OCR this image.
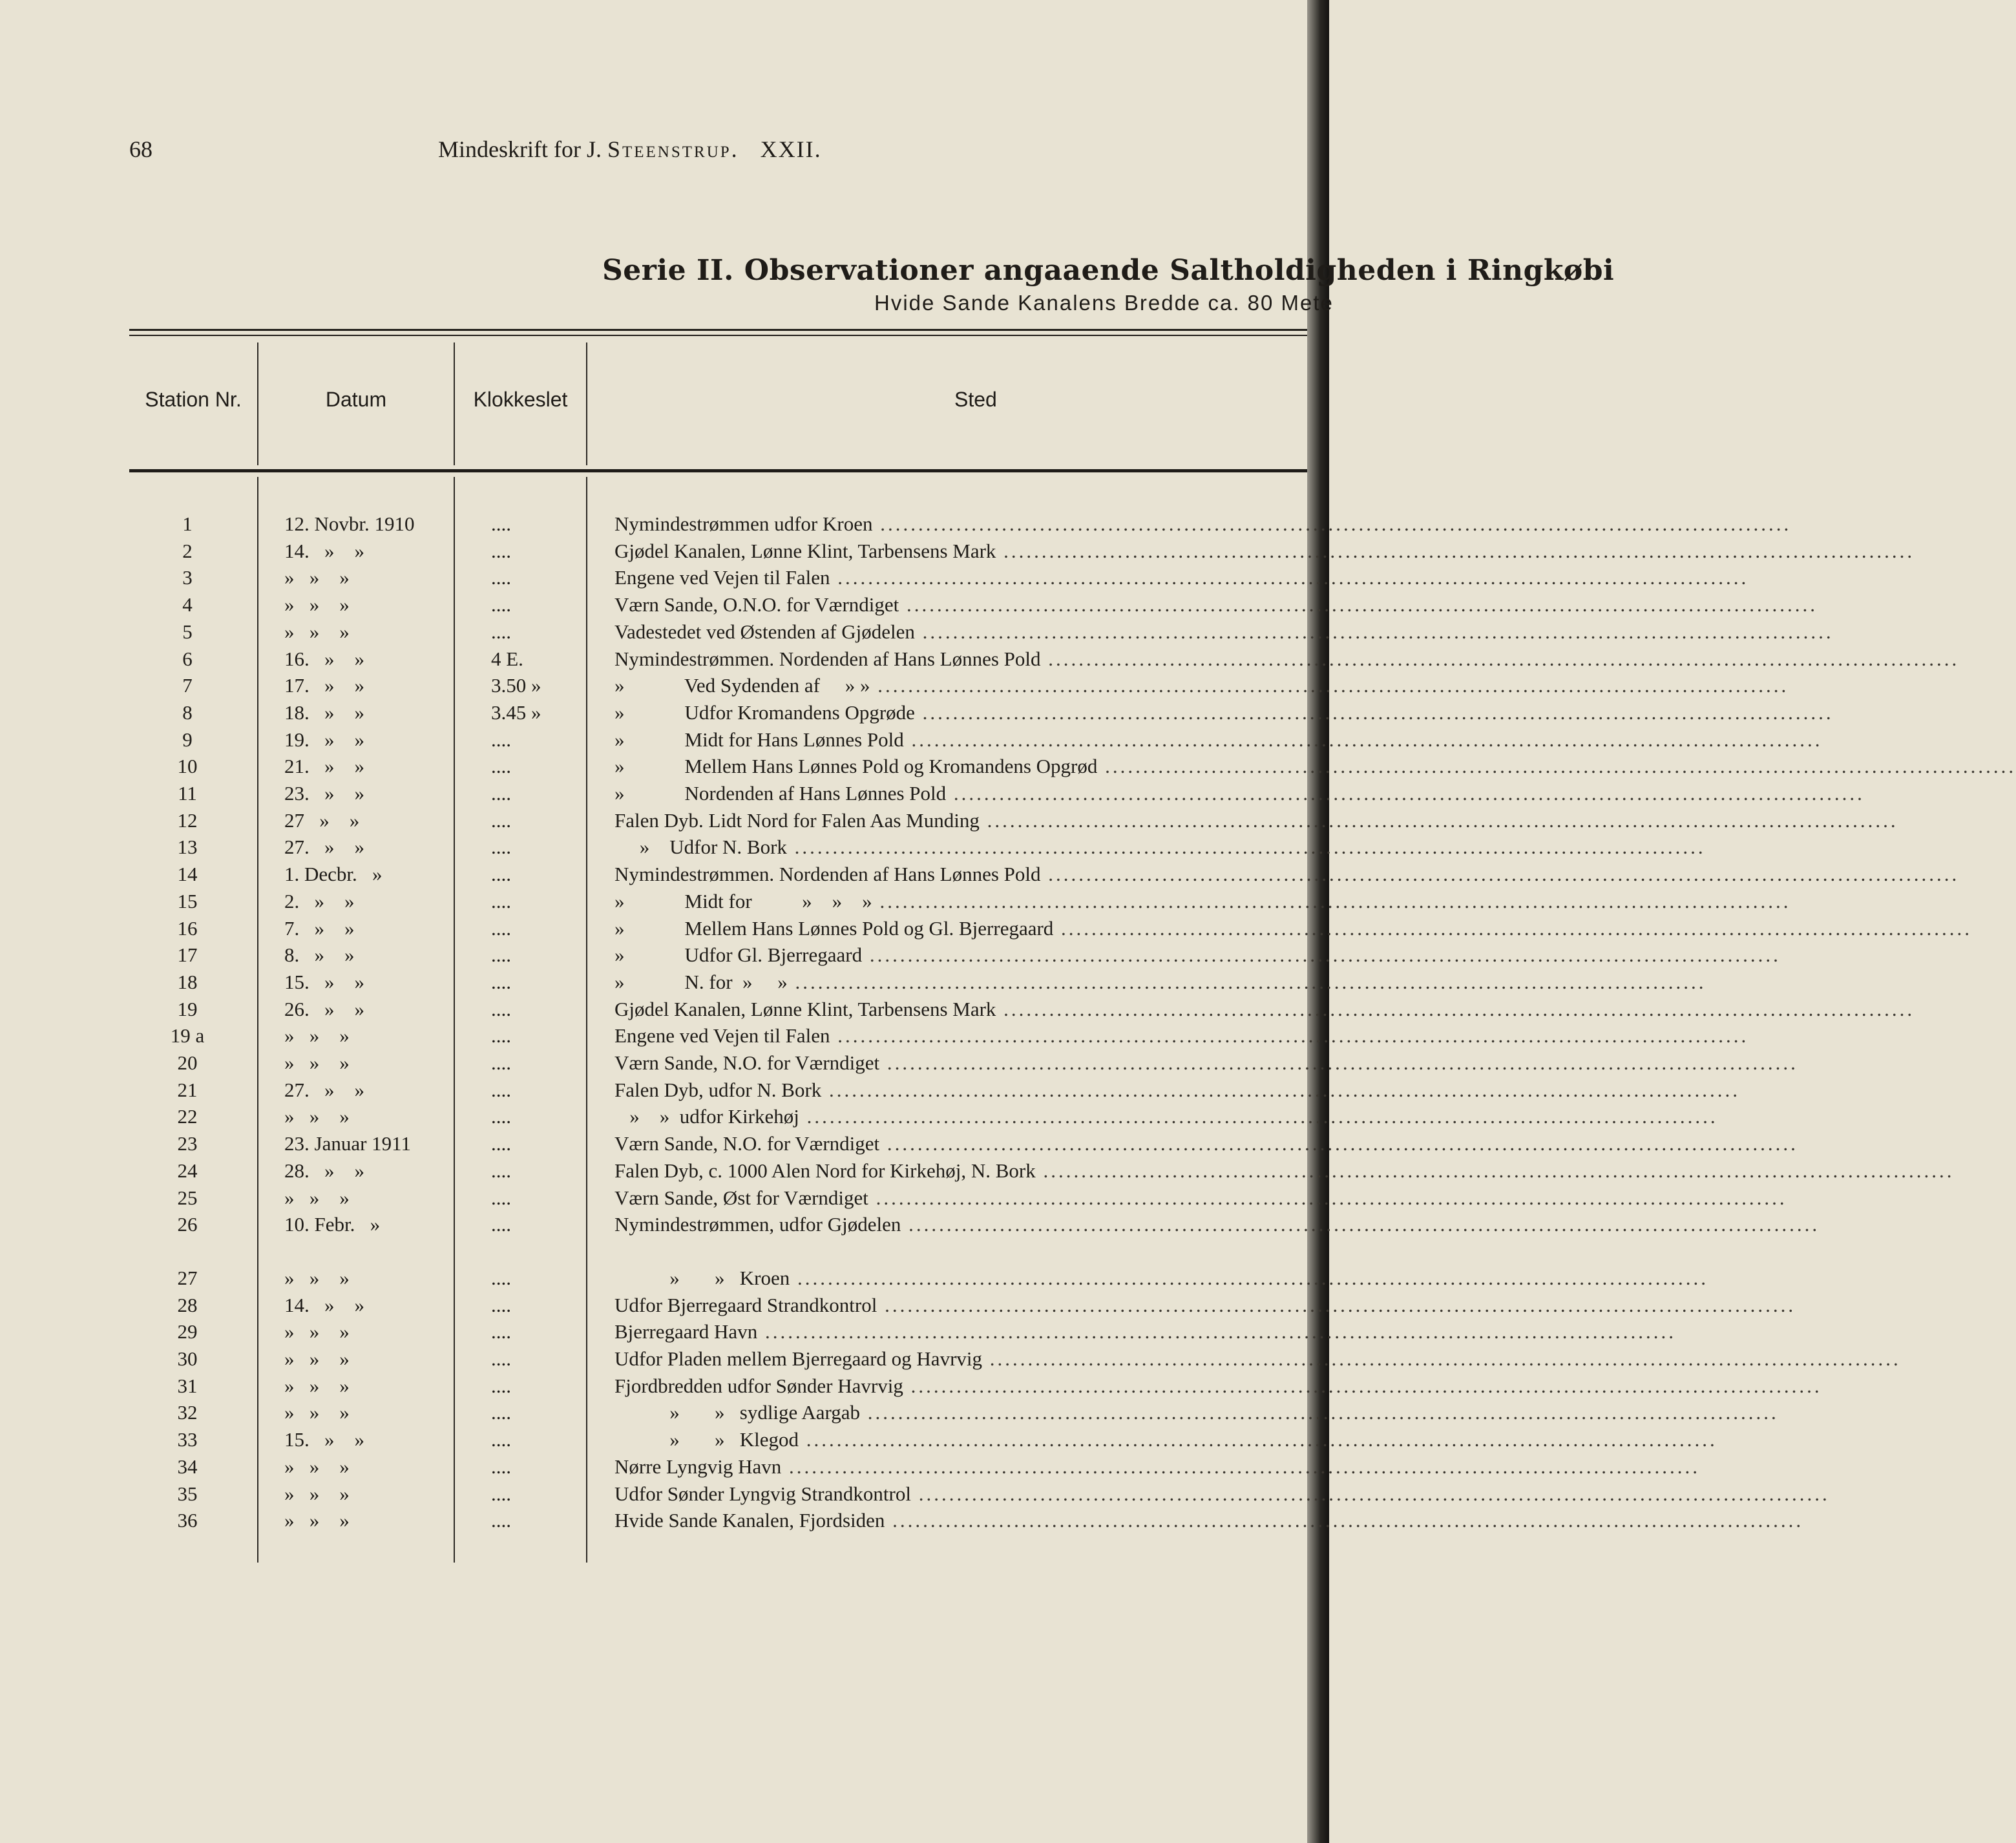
68	Mindeskrift for J. Steenstrup. XXII.
Serie II. Observationer angaaende Saltholdigheden i Ringkøbi
Hvide Sande Kanalens Bredde ca. 80 Mete
Station Nr.	Datum	Klokkeslet	Sted
1	12. Novbr. 1910	....	Nymindestrømmen udfor Kroen ........................................................................................................................
2	14.   »    »	....	Gjødel Kanalen, Lønne Klint, Tarbensens Mark ........................................................................................................................
3	»   »    »	....	Engene ved Vejen til Falen ........................................................................................................................
4	»   »    »	....	Værn Sande, O.N.O. for Værndiget ........................................................................................................................
5	»   »    »	....	Vadestedet ved Østenden af Gjødelen ........................................................................................................................
6	16.   »    »	4 E.	Nymindestrømmen. Nordenden af Hans Lønnes Pold ........................................................................................................................
7	17.   »    »	3.50 »	»            Ved Sydenden af     » » ........................................................................................................................
8	18.   »    »	3.45 »	»            Udfor Kromandens Opgrøde ........................................................................................................................
9	19.   »    »	....	»            Midt for Hans Lønnes Pold ........................................................................................................................
10	21.   »    »	....	»            Mellem Hans Lønnes Pold og Kromandens Opgrød ........................................................................................................................
11	23.   »    »	....	»            Nordenden af Hans Lønnes Pold ........................................................................................................................
12	27   »    »	....	Falen Dyb. Lidt Nord for Falen Aas Munding ........................................................................................................................
13	27.   »    »	....	»    Udfor N. Bork ........................................................................................................................
14	1. Decbr.   »	....	Nymindestrømmen. Nordenden af Hans Lønnes Pold ........................................................................................................................
15	2.   »    »	....	»            Midt for          »    »    » ........................................................................................................................
16	7.   »    »	....	»            Mellem Hans Lønnes Pold og Gl. Bjerregaard ........................................................................................................................
17	8.   »    »	....	»            Udfor Gl. Bjerregaard ........................................................................................................................
18	15.   »    »	....	»            N. for  »     » ........................................................................................................................
19	26.   »    »	....	Gjødel Kanalen, Lønne Klint, Tarbensens Mark ........................................................................................................................
19 a	»   »    »	....	Engene ved Vejen til Falen ........................................................................................................................
20	»   »    »	....	Værn Sande, N.O. for Værndiget ........................................................................................................................
21	27.   »    »	....	Falen Dyb, udfor N. Bork ........................................................................................................................
22	»   »    »	....	»    »  udfor Kirkehøj ........................................................................................................................
23	23. Januar 1911	....	Værn Sande, N.O. for Værndiget ........................................................................................................................
24	28.   »    »	....	Falen Dyb, c. 1000 Alen Nord for Kirkehøj, N. Bork ........................................................................................................................
25	»   »    »	....	Værn Sande, Øst for Værndiget ........................................................................................................................
26	10. Febr.   »	....	Nymindestrømmen, udfor Gjødelen ........................................................................................................................
27	»   »    »	....	»       »   Kroen ........................................................................................................................
28	14.   »    »	....	Udfor Bjerregaard Strandkontrol ........................................................................................................................
29	»   »    »	....	Bjerregaard Havn ........................................................................................................................
30	»   »    »	....	Udfor Pladen mellem Bjerregaard og Havrvig ........................................................................................................................
31	»   »    »	....	Fjordbredden udfor Sønder Havrvig ........................................................................................................................
32	»   »    »	....	»       »   sydlige Aargab ........................................................................................................................
33	15.   »    »	....	»       »   Klegod ........................................................................................................................
34	»   »    »	....	Nørre Lyngvig Havn ........................................................................................................................
35	»   »    »	....	Udfor Sønder Lyngvig Strandkontrol ........................................................................................................................
36	»   »    »	....	Hvide Sande Kanalen, Fjordsiden ........................................................................................................................
